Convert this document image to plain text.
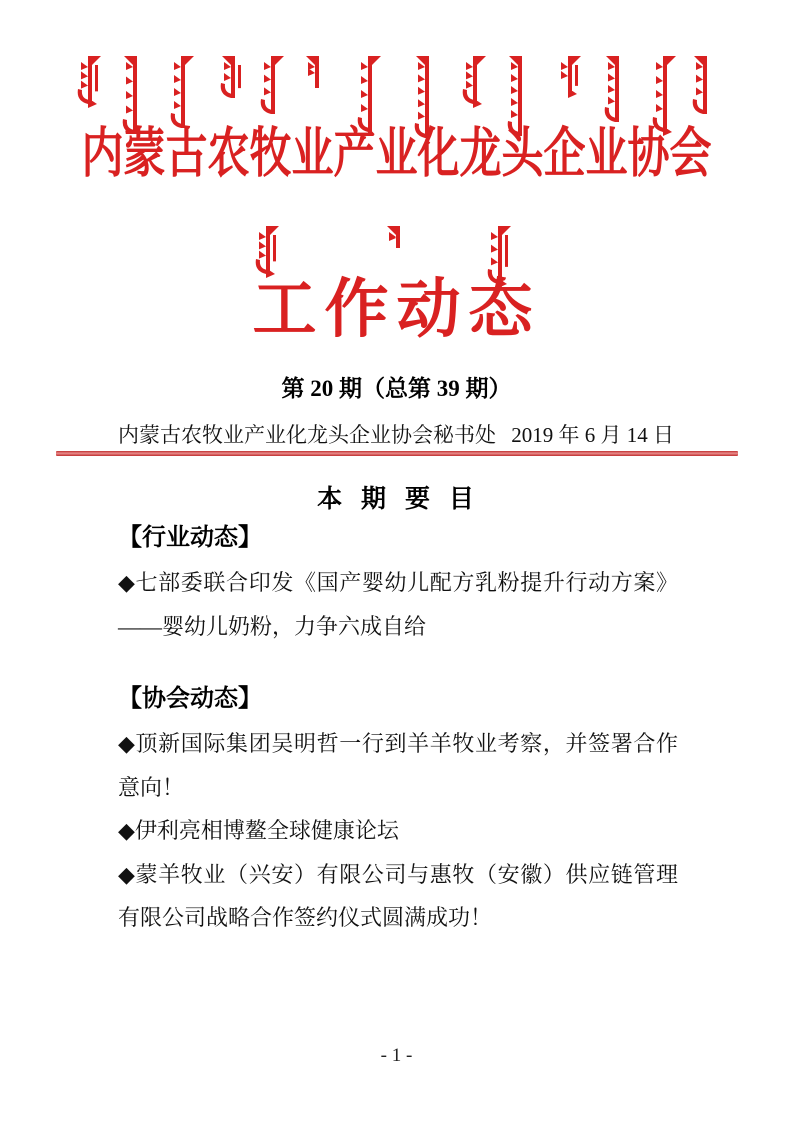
内蒙古农牧业产业化龙头企业协会
工作动态
第 20 期（总第 39 期）
内蒙古农牧业产业化龙头企业协会秘书处 2019 年 6 月 14 日
本 期 要 目
【行业动态】

◆七部委联合印发《国产婴幼儿配方乳粉提升行动方案》——婴幼儿奶粉，力争六成自给

【协会动态】

◆顶新国际集团吴明哲一行到羊羊牧业考察，并签署合作意向！

◆伊利亮相博鳌全球健康论坛

◆蒙羊牧业（兴安）有限公司与惠牧（安徽）供应链管理有限公司战略合作签约仪式圆满成功！

- 1 -
